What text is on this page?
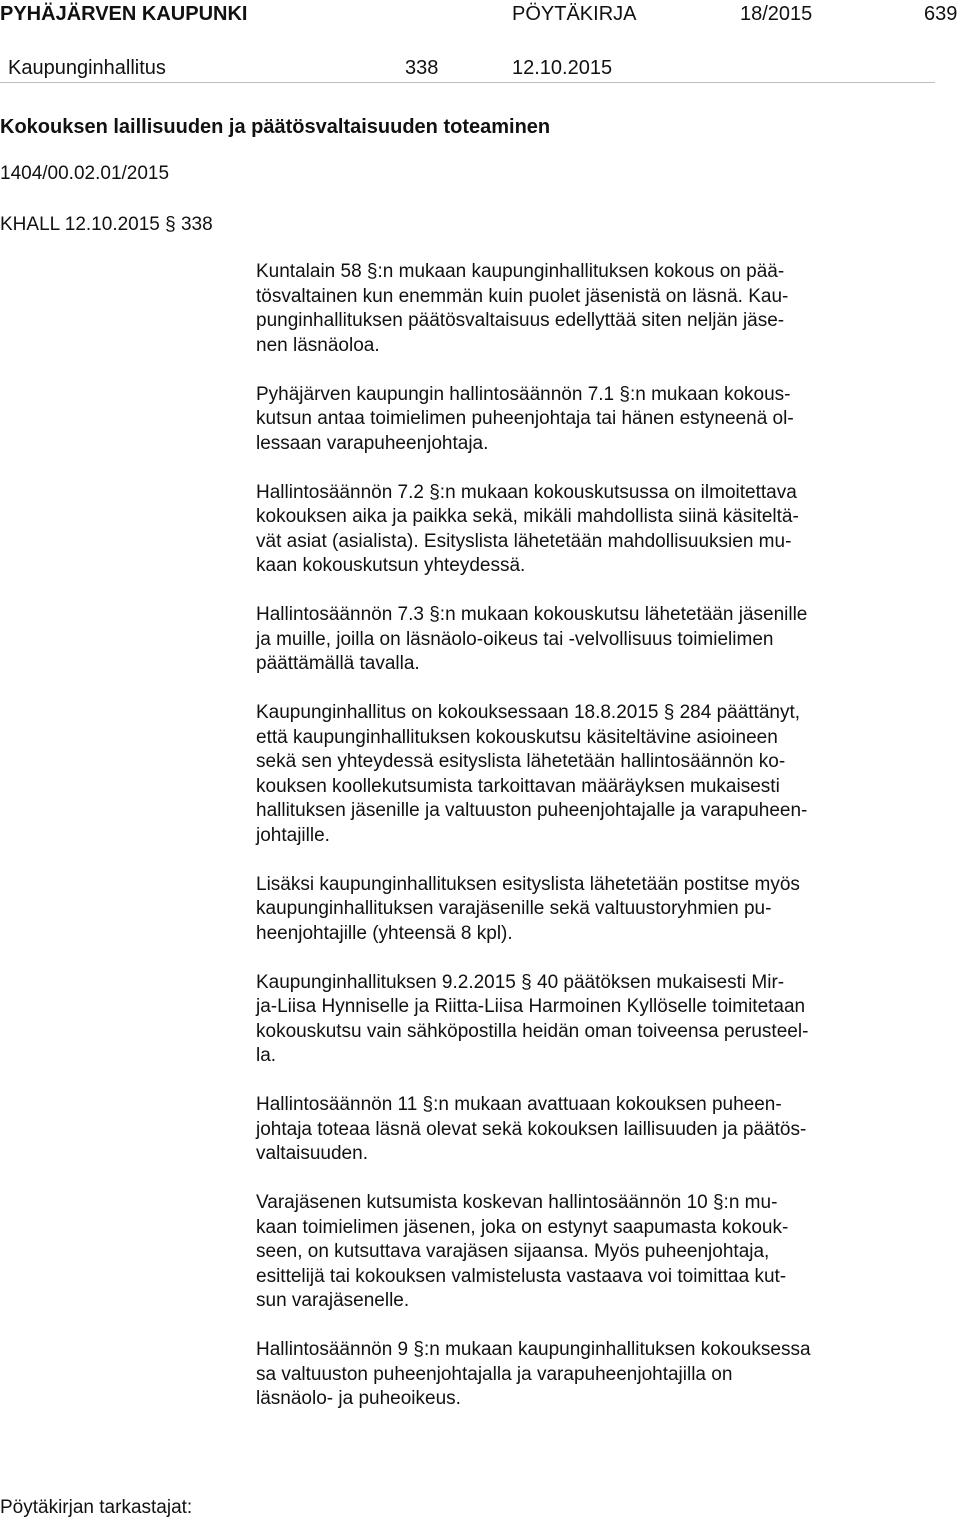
PYHÄJÄRVEN KAUPUNKI	PÖYTÄKIRJA	18/2015	639
Kaupunginhallitus	338	12.10.2015
Kokouksen laillisuuden ja päätösvaltaisuuden toteaminen
1404/00.02.01/2015
KHALL 12.10.2015 § 338

Kuntalain 58 §:n mukaan kaupunginhallituksen kokous on pää-
tösvaltainen kun enemmän kuin puolet jäsenistä on läsnä. Kau-
punginhallituksen päätösvaltaisuus edellyttää siten neljän jäse-
nen läsnäoloa.

Pyhäjärven kaupungin hallintosäännön 7.1 §:n mukaan kokous-
kutsun antaa toimielimen puheenjohtaja tai hänen estyneenä ol-
lessaan varapuheenjohtaja.

Hallintosäännön 7.2 §:n mukaan kokouskutsussa on ilmoitettava
kokouksen aika ja paikka sekä, mikäli mahdollista siinä käsiteltä-
vät asiat (asialista). Esityslista lähetetään mahdollisuuksien mu-
kaan kokouskutsun yhteydessä.

Hallintosäännön 7.3 §:n mukaan kokouskutsu lähetetään jäsenille
ja muille, joilla on läsnäolo-oikeus tai -velvollisuus toimielimen
päättämällä tavalla.

Kaupunginhallitus on kokouksessaan 18.8.2015 § 284 päättänyt,
että kaupunginhallituksen kokouskutsu käsiteltävine asioineen
sekä sen yhteydessä esityslista lähetetään hallintosäännön ko-
kouksen koollekutsumista tarkoittavan määräyksen mukaisesti
hallituksen jäsenille ja valtuuston puheenjohtajalle ja varapuheen-
johtajille.

Lisäksi kaupunginhallituksen esityslista lähetetään postitse myös
kaupunginhallituksen varajäsenille sekä valtuustoryhmien pu-
heenjohtajille (yhteensä 8 kpl).

Kaupunginhallituksen 9.2.2015 § 40 päätöksen mukaisesti Mir-
ja-Liisa Hynniselle ja Riitta-Liisa Harmoinen Kyllöselle toimitetaan
kokouskutsu vain sähköpostilla heidän oman toiveensa perusteel-
la.

Hallintosäännön 11 §:n mukaan avattuaan kokouksen puheen-
johtaja toteaa läsnä olevat sekä kokouksen laillisuuden ja päätös-
valtaisuuden.

Varajäsenen kutsumista koskevan hallintosäännön 10 §:n mu-
kaan toimielimen jäsenen, joka on estynyt saapumasta kokouk-
seen, on kutsuttava varajäsen sijaansa. Myös puheenjohtaja,
esittelijä tai kokouksen valmistelusta vastaava voi toimittaa kut-
sun varajäsenelle.

Hallintosäännön 9 §:n mukaan kaupunginhallituksen kokouksessa
sa valtuuston puheenjohtajalla ja varapuheenjohtajilla on
läsnäolo- ja puheoikeus.

Pöytäkirjan tarkastajat:
